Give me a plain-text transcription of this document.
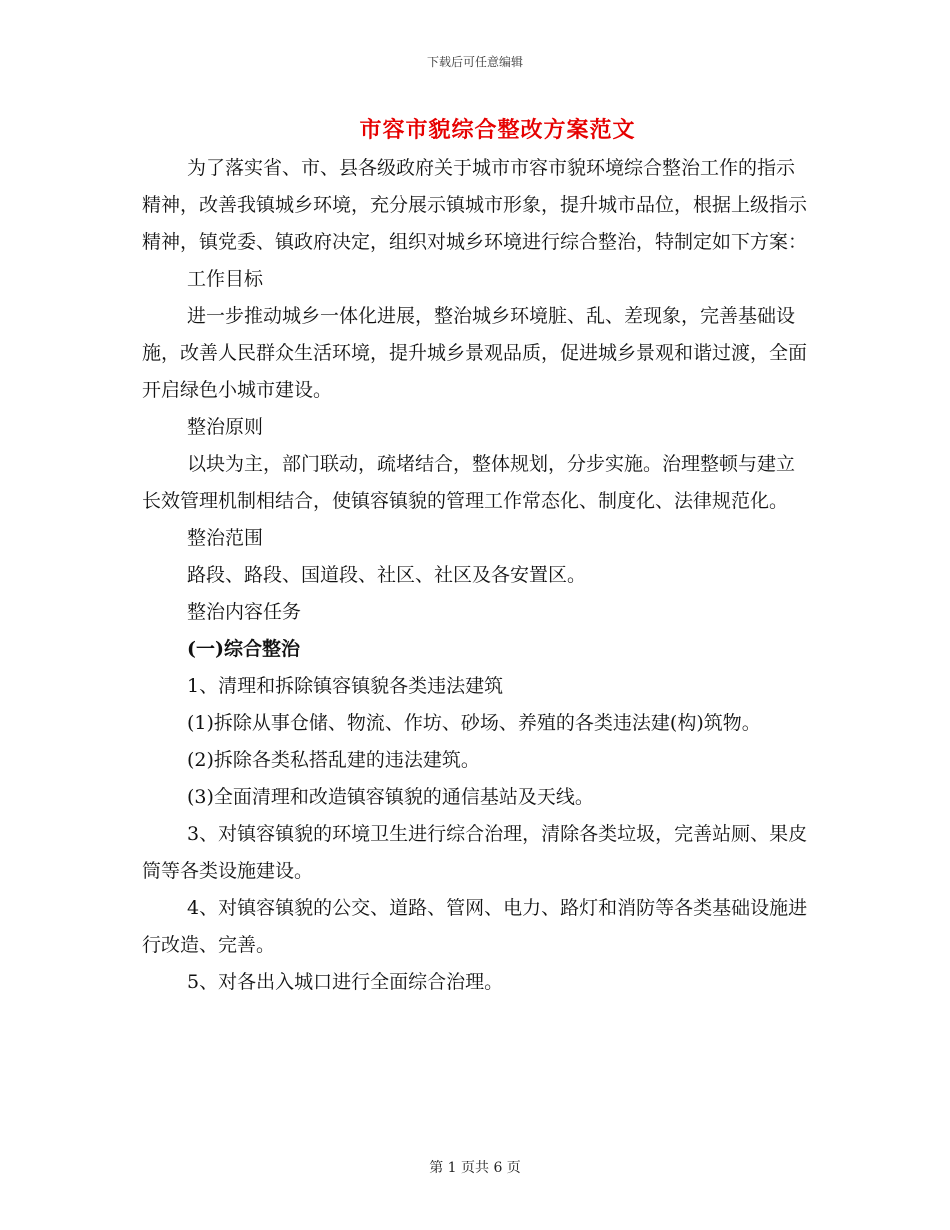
下载后可任意编辑
市容市貌综合整改方案范文

为了落实省、市、县各级政府关于城市市容市貌环境综合整治工作的指示精神，改善我镇城乡环境，充分展示镇城市形象，提升城市品位，根据上级指示精神，镇党委、镇政府决定，组织对城乡环境进行综合整治，特制定如下方案：

工作目标

进一步推动城乡一体化进展，整治城乡环境脏、乱、差现象，完善基础设施，改善人民群众生活环境，提升城乡景观品质，促进城乡景观和谐过渡，全面开启绿色小城市建设。

整治原则

以块为主，部门联动，疏堵结合，整体规划，分步实施。治理整顿与建立长效管理机制相结合，使镇容镇貌的管理工作常态化、制度化、法律规范化。

整治范围

路段、路段、国道段、社区、社区及各安置区。

整治内容任务

(一)综合整治

1、清理和拆除镇容镇貌各类违法建筑

(1)拆除从事仓储、物流、作坊、砂场、养殖的各类违法建(构)筑物。

(2)拆除各类私搭乱建的违法建筑。

(3)全面清理和改造镇容镇貌的通信基站及天线。

3、对镇容镇貌的环境卫生进行综合治理，清除各类垃圾，完善站厕、果皮筒等各类设施建设。

4、对镇容镇貌的公交、道路、管网、电力、路灯和消防等各类基础设施进行改造、完善。

5、对各出入城口进行全面综合治理。

第 1 页共 6 页
